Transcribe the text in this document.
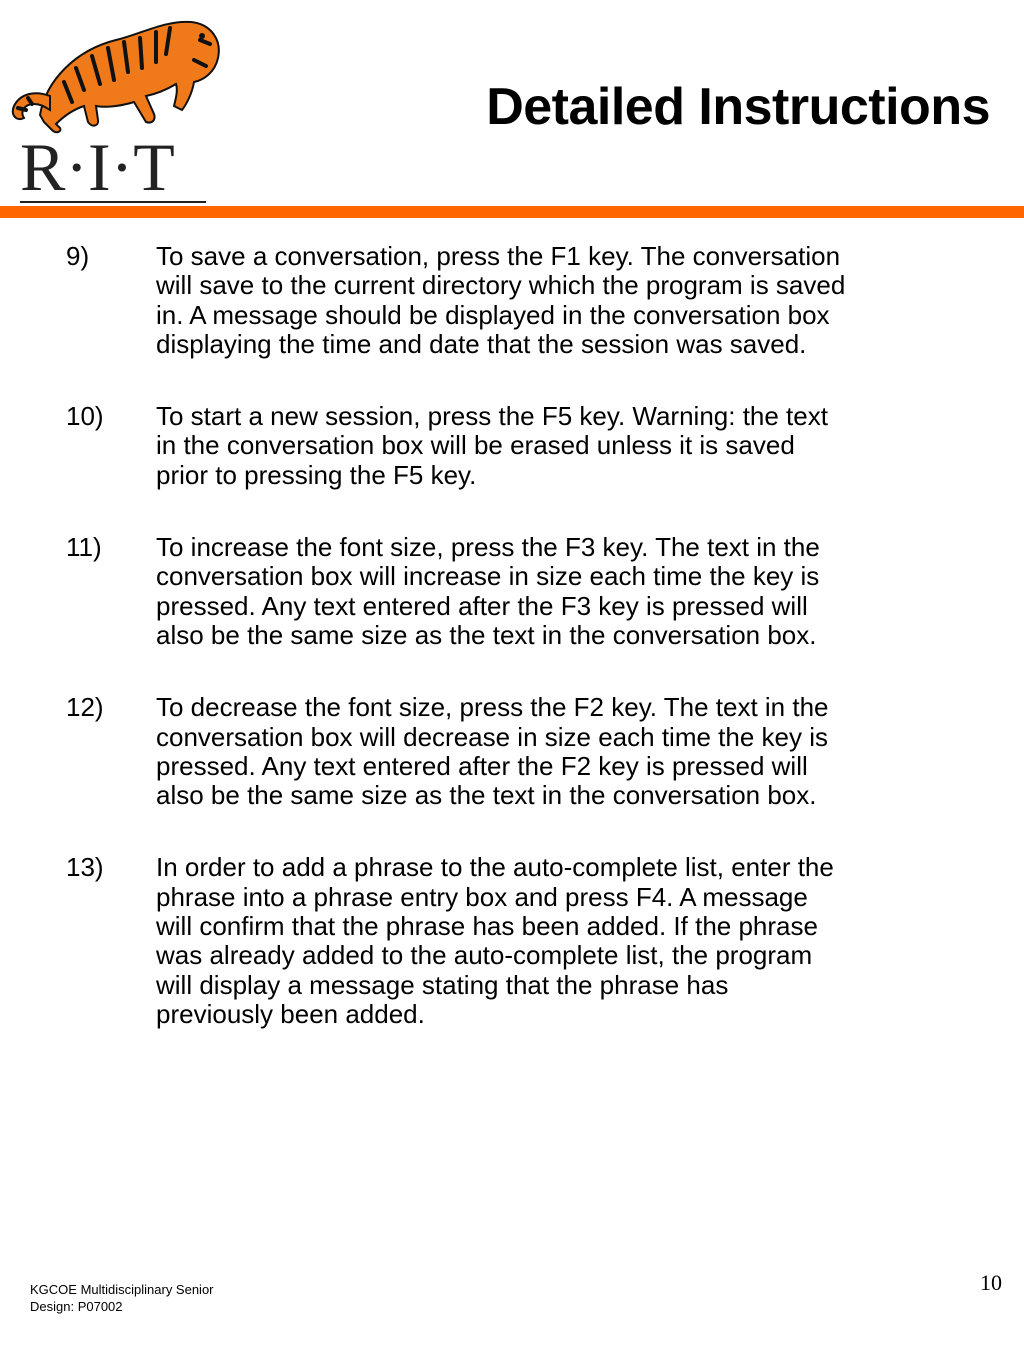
R·I·T
Detailed Instructions
9)	To save a conversation, press the F1 key. The conversation
will save to the current directory which the program is saved
in. A message should be displayed in the conversation box
displaying the time and date that the session was saved.
10) To start a new session, press the F5 key. Warning: the text
in the conversation box will be erased unless it is saved
prior to pressing the F5 key.
11) To increase the font size, press the F3 key. The text in the
conversation box will increase in size each time the key is
pressed. Any text entered after the F3 key is pressed will
also be the same size as the text in the conversation box.
12) To decrease the font size, press the F2 key. The text in the
conversation box will decrease in size each time the key is
pressed. Any text entered after the F2 key is pressed will
also be the same size as the text in the conversation box.
13) In order to add a phrase to the auto-complete list, enter the
phrase into a phrase entry box and press F4. A message
will confirm that the phrase has been added. If the phrase
was already added to the auto-complete list, the program
will display a message stating that the phrase has
previously been added.
KGCOE Multidisciplinary Senior
Design: P07002
10
